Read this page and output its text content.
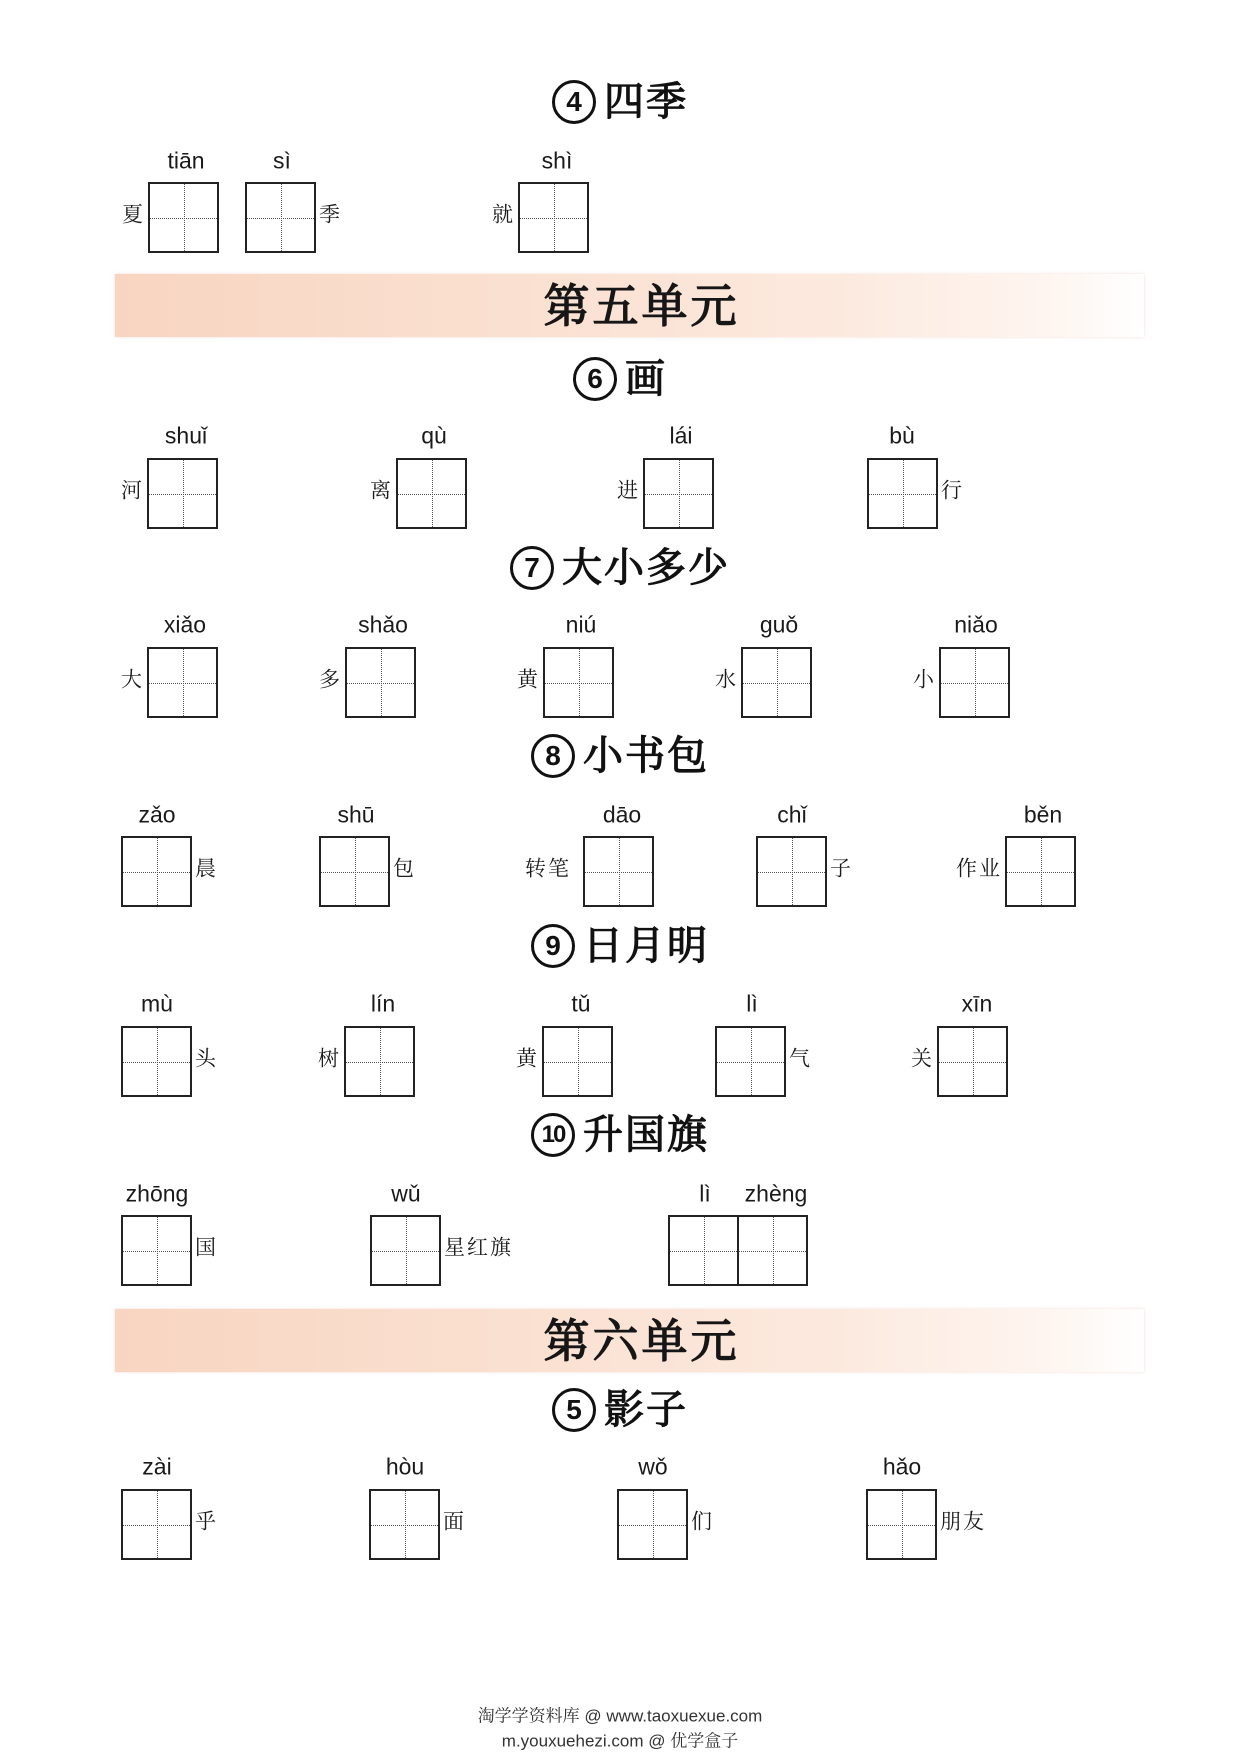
4 四季
tiān
夏
sì
季
shì
就
第五单元
6 画
shuǐ
河
qù
离
lái
进
bù
行
7 大小多少
xiǎo
大
shǎo
多
niú
黄
guǒ
水
niǎo
小
8 小书包
zǎo
晨
shū
包
dāo
转笔
chǐ
子
běn
作业
9 日月明
mù
头
lín
树
tǔ
黄
lì
气
xīn
关
10 升国旗
zhōng
国
wǔ
星红旗
lì zhèng
第六单元
5 影子
zài
乎
hòu
面
wǒ
们
hǎo
朋友
淘学学资料库 @ www.taoxuexue.com
m.youxuehezi.com @ 优学盒子
